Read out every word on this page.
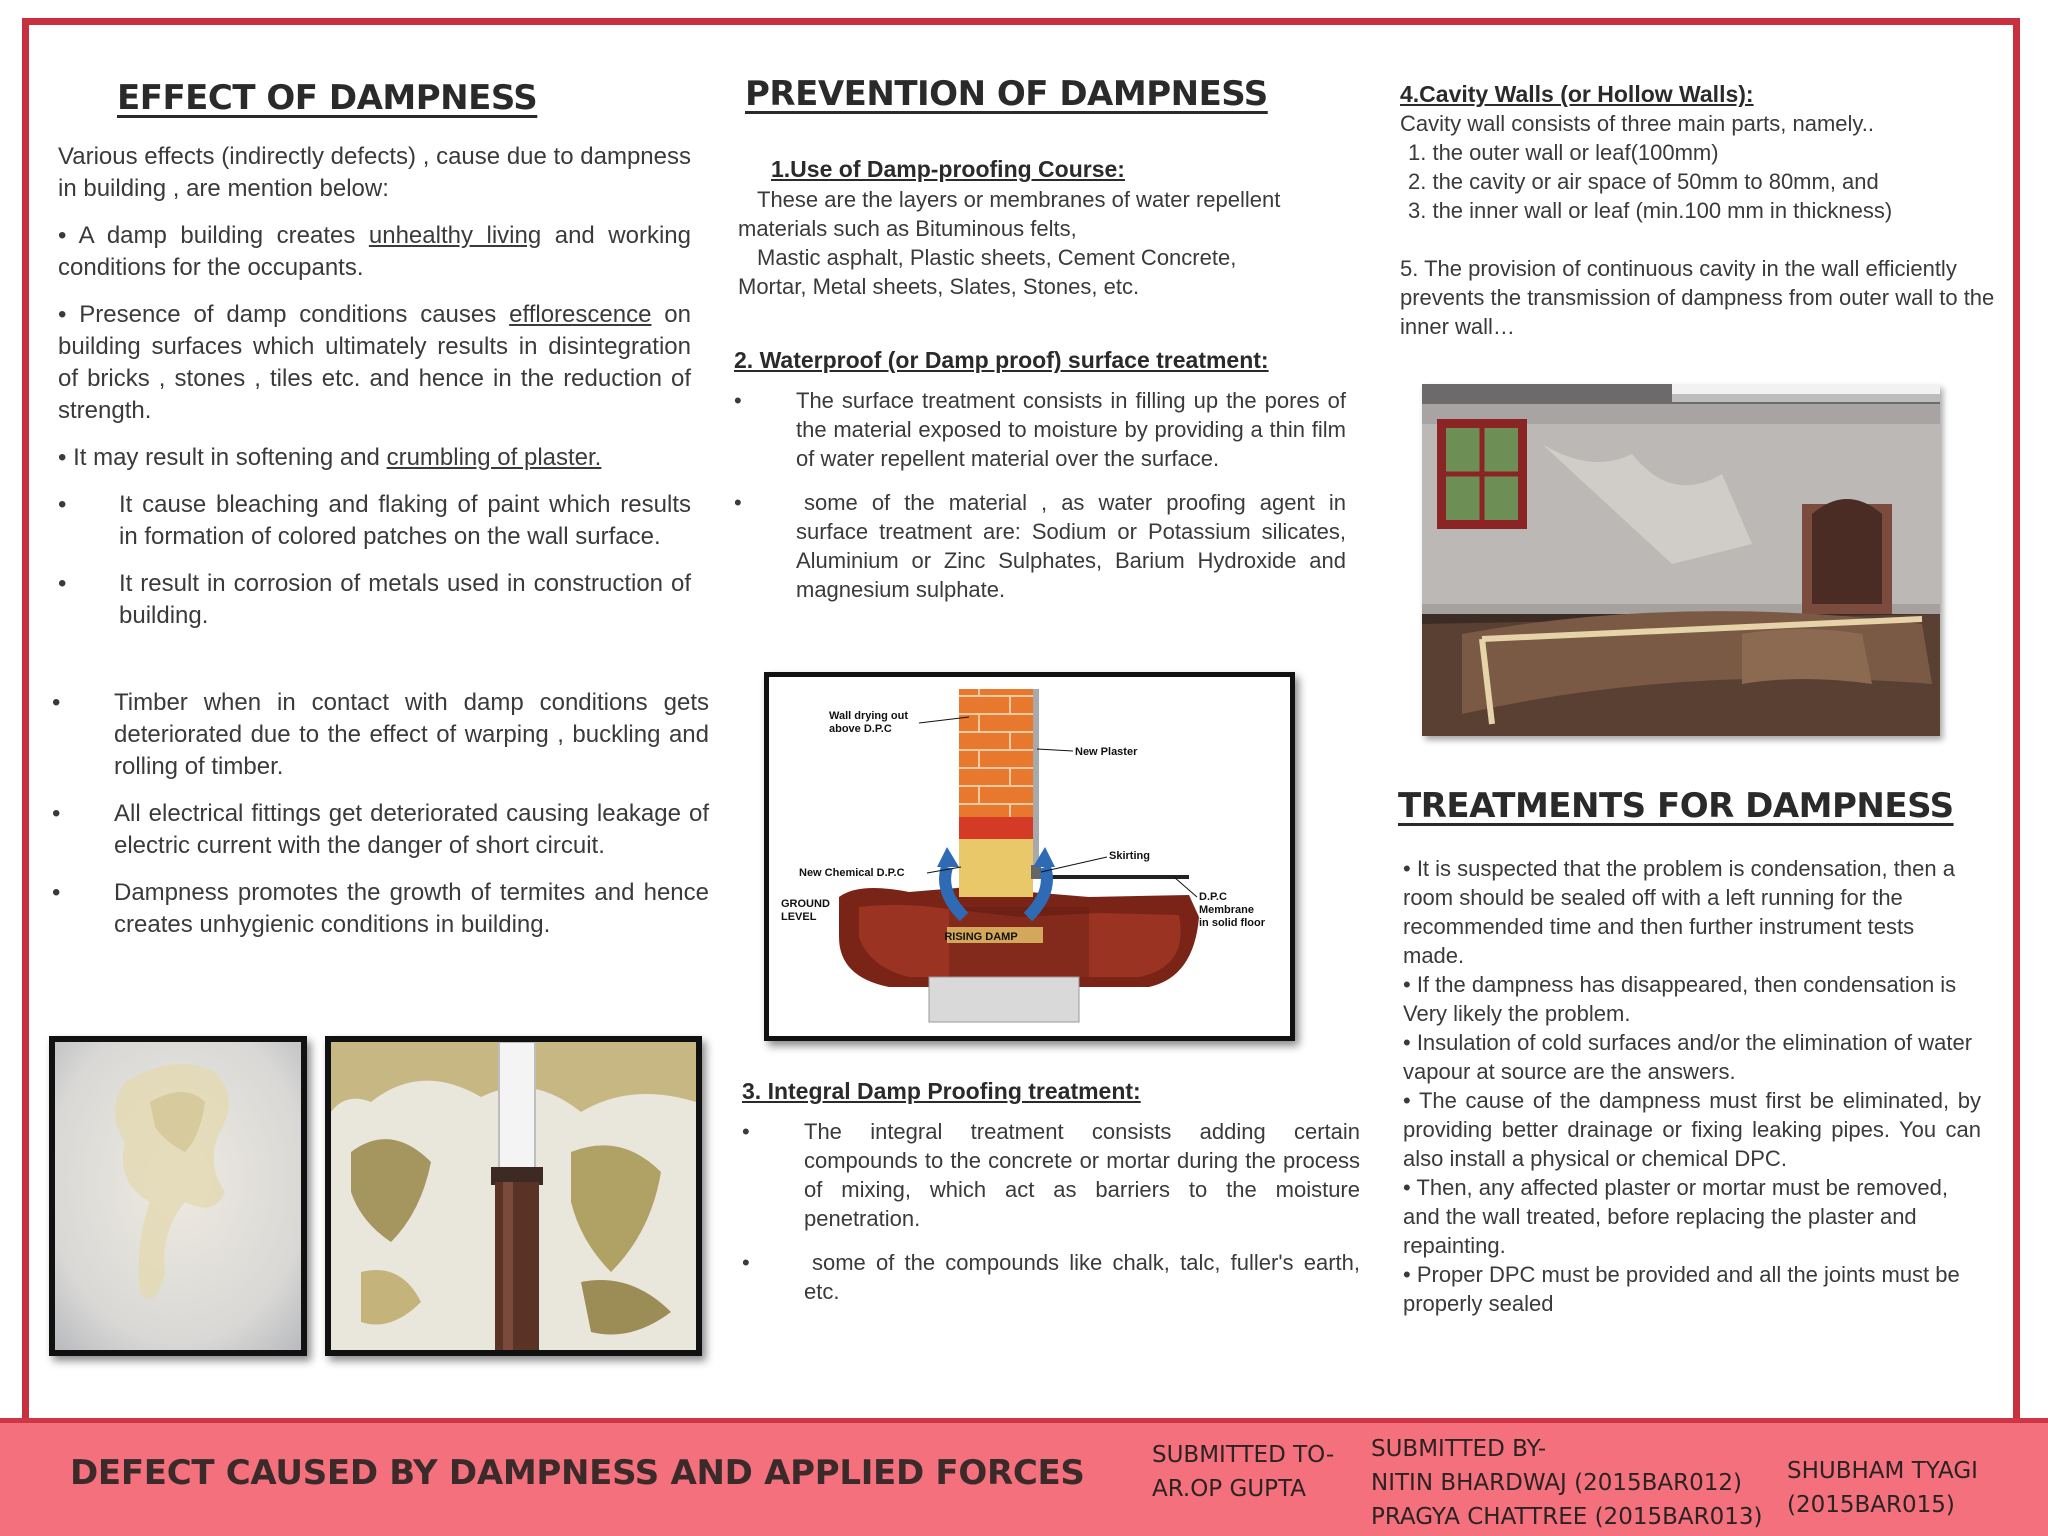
EFFECT OF DAMPNESS

Various effects (indirectly defects) , cause due to dampness in building , are mention below:

• A damp building creates unhealthy living and working conditions for the occupants.

• Presence of damp conditions causes efflorescence on building surfaces which ultimately results in disintegration of bricks , stones , tiles etc. and hence in the reduction of strength.

• It may result in softening and crumbling of plaster.

• It cause bleaching and flaking of paint which results in formation of colored patches on the wall surface.

• It result in corrosion of metals used in construction of building.

• Timber when in contact with damp conditions gets deteriorated due to the effect of warping , buckling and rolling of timber.

• All electrical fittings get deteriorated causing leakage of electric current with the danger of short circuit.

• Dampness promotes the growth of termites and hence creates unhygienic conditions in building.

PREVENTION OF DAMPNESS
1.Use of Damp-proofing Course:

These are the layers or membranes of water repellent materials such as Bituminous felts,

Mastic asphalt, Plastic sheets, Cement Concrete,

Mortar, Metal sheets, Slates, Stones, etc.

2. Waterproof (or Damp proof) surface treatment:
• The surface treatment consists in filling up the pores of the material exposed to moisture by providing a thin film of water repellent material over the surface.

•	some of the material , as water proofing agent in surface treatment are: Sodium or Potassium silicates, Aluminium or Zinc Sulphates, Barium Hydroxide and magnesium sulphate.

RISING DAMP
Wall drying out
above D.P.C
New Plaster
Skirting
New Chemical D.P.C
GROUND
LEVEL
D.P.C
Membrane
in solid floor
3. Integral Damp Proofing treatment:
• The integral treatment consists adding certain compounds to the concrete or mortar during the process of mixing, which act as barriers to the moisture penetration.

•	some of the compounds like chalk, talc, fuller's earth, etc.

4.Cavity Walls (or Hollow Walls):

Cavity wall consists of three main parts, namely..

1. the outer wall or leaf(100mm)

2. the cavity or air space of 50mm to 80mm, and

3. the inner wall or leaf (min.100 mm in thickness)

5. The provision of continuous cavity in the wall efficiently prevents the transmission of dampness from outer wall to the inner wall…

TREATMENTS FOR DAMPNESS

• It is suspected that the problem is condensation, then a room should be sealed off with a left running for the recommended time and then further instrument tests made.

• If the dampness has disappeared, then condensation is Very likely the problem.

• Insulation of cold surfaces and/or the elimination of water vapour at source are the answers.

• The cause of the dampness must first be eliminated, by providing better drainage or fixing leaking pipes. You can also install a physical or chemical DPC.

• Then, any affected plaster or mortar must be removed,

and the wall treated, before replacing the plaster and repainting.

• Proper DPC must be provided and all the joints must be properly sealed

DEFECT CAUSED BY DAMPNESS AND APPLIED FORCES	SUBMITTED TO-
AR.OP GUPTA
SUBMITTED BY-
NITIN BHARDWAJ (2015BAR012)
PRAGYA CHATTREE (2015BAR013)
SHUBHAM TYAGI
(2015BAR015)
